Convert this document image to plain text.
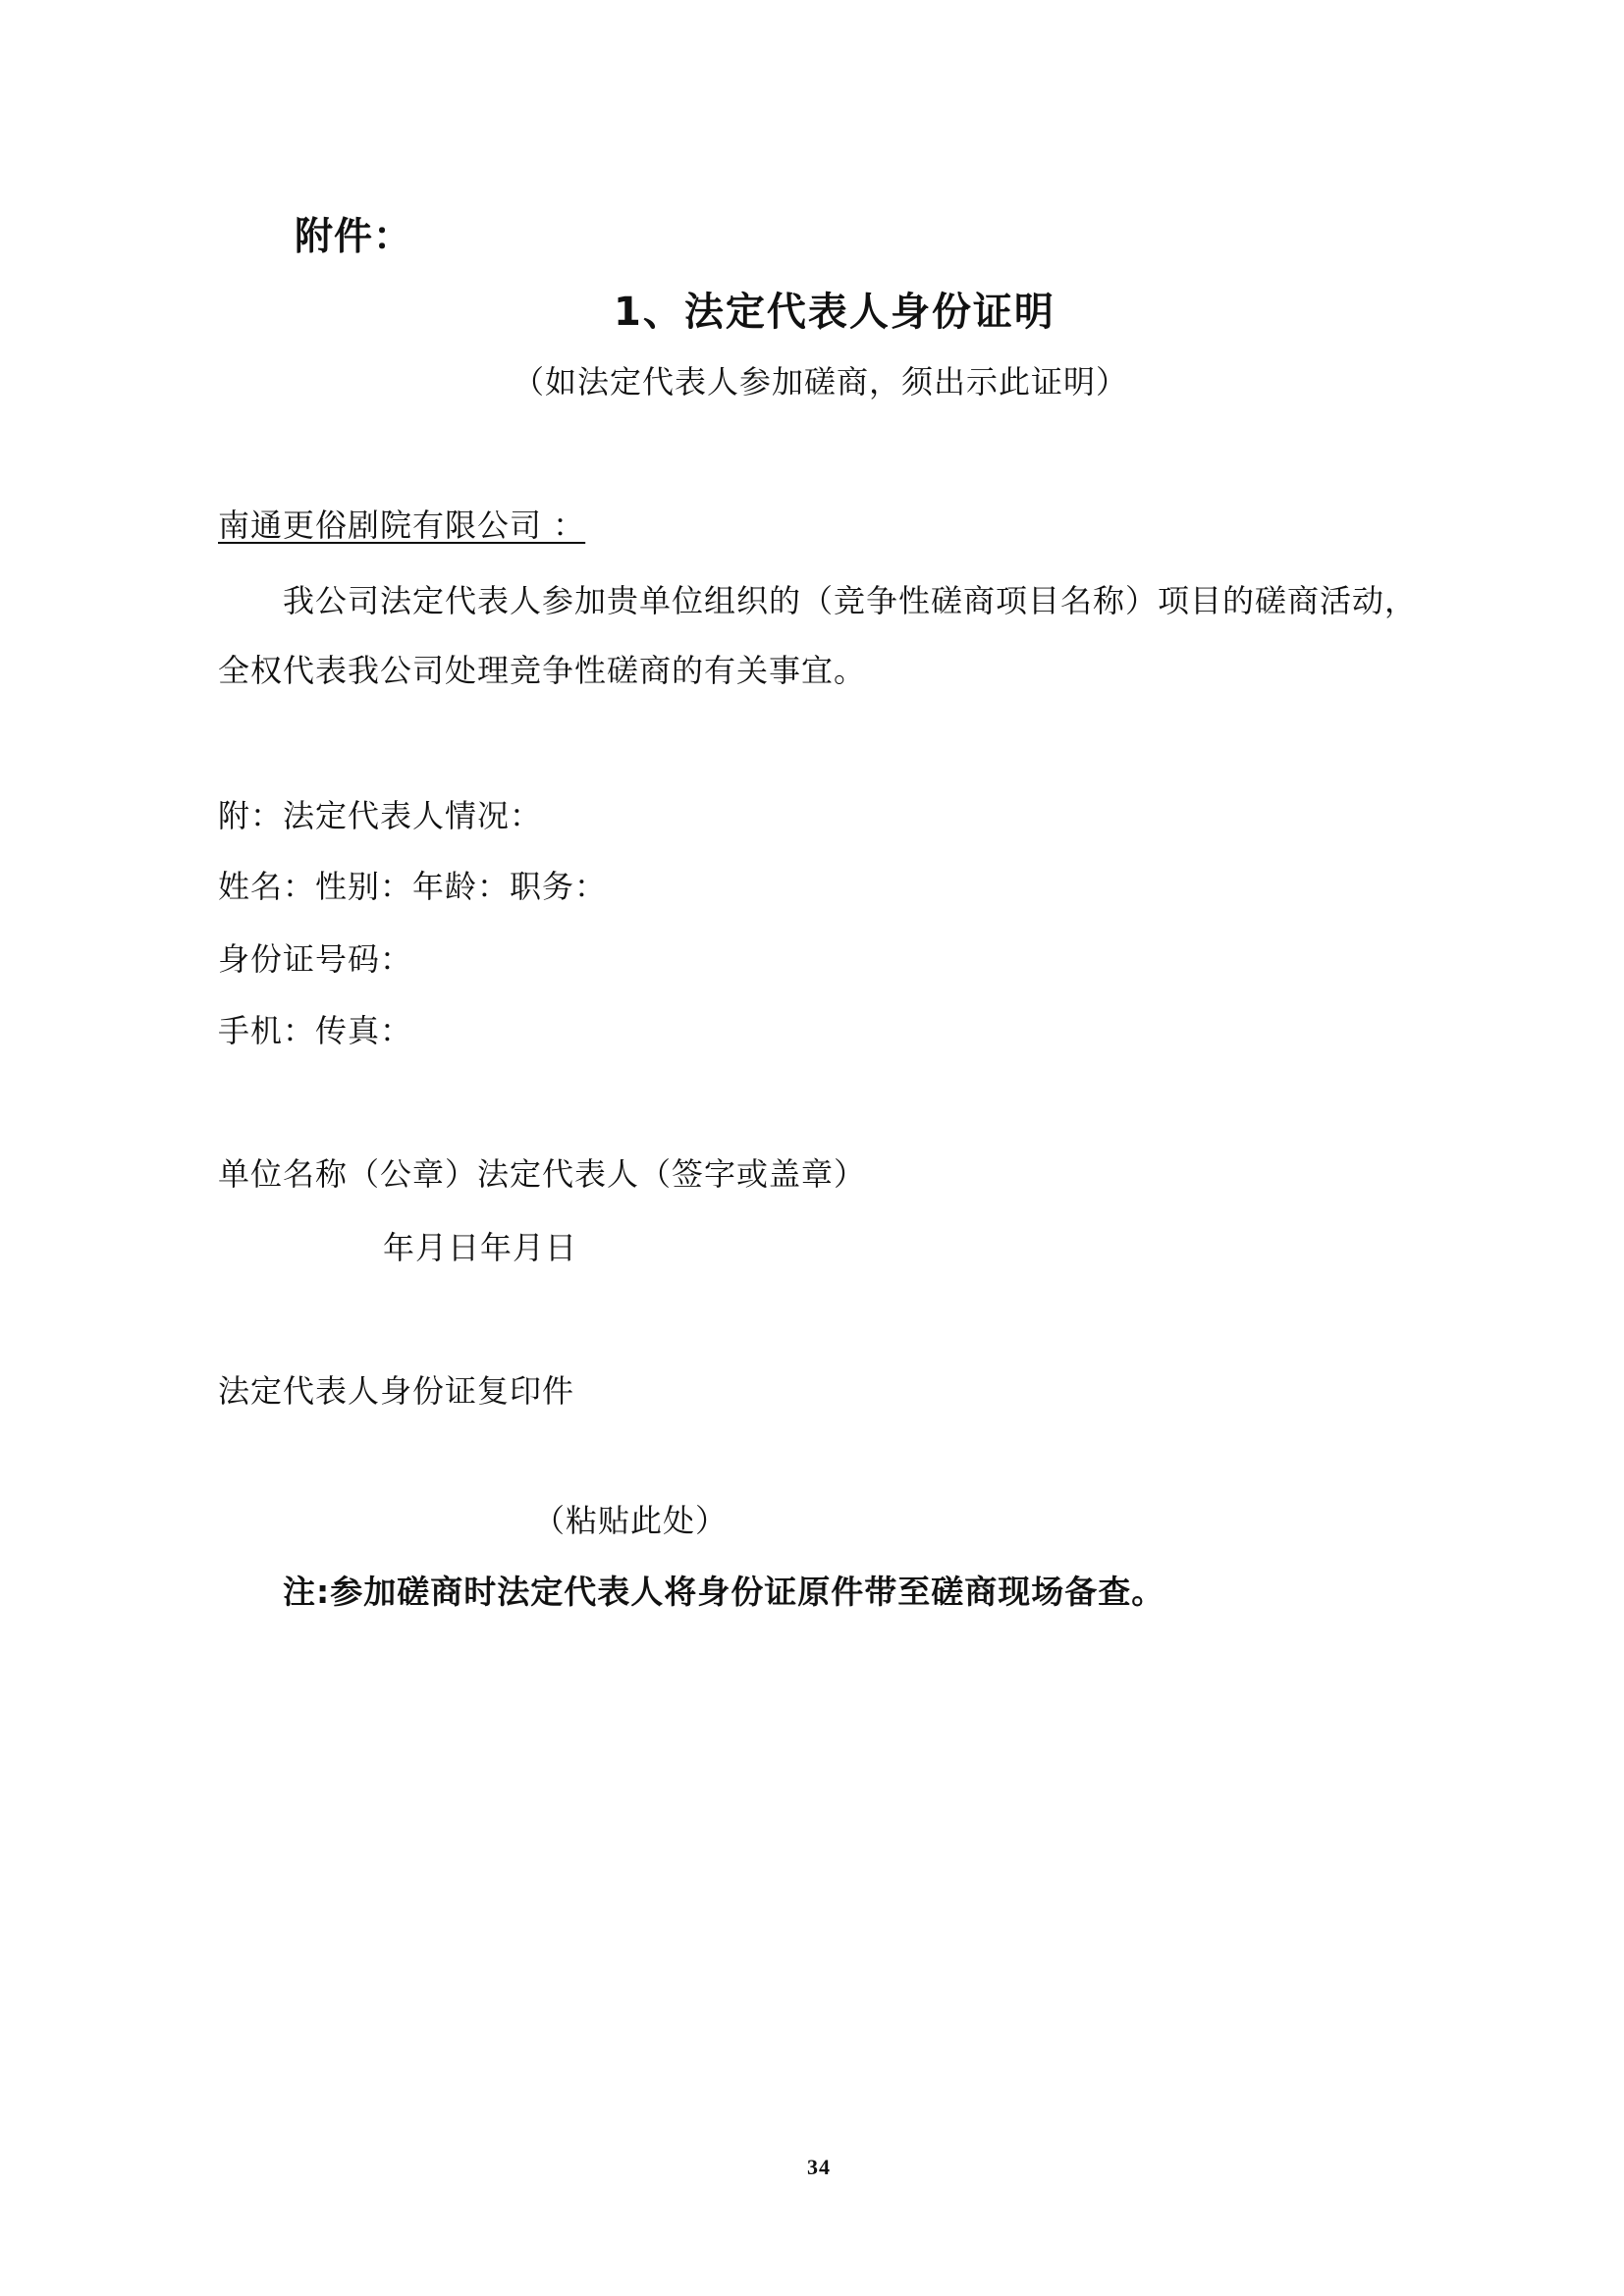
附件：
1、法定代表人身份证明
（如法定代表人参加磋商，须出示此证明）
南通更俗剧院有限公司 ：
我公司法定代表人参加贵单位组织的（竞争性磋商项目名称）项目的磋商活动，
全权代表我公司处理竞争性磋商的有关事宜。
附：法定代表人情况：
姓名：性别：年龄：职务：
身份证号码：
手机：传真：
单位名称（公章）法定代表人（签字或盖章）
年月日年月日
法定代表人身份证复印件
（粘贴此处）
注:参加磋商时法定代表人将身份证原件带至磋商现场备查。
34
